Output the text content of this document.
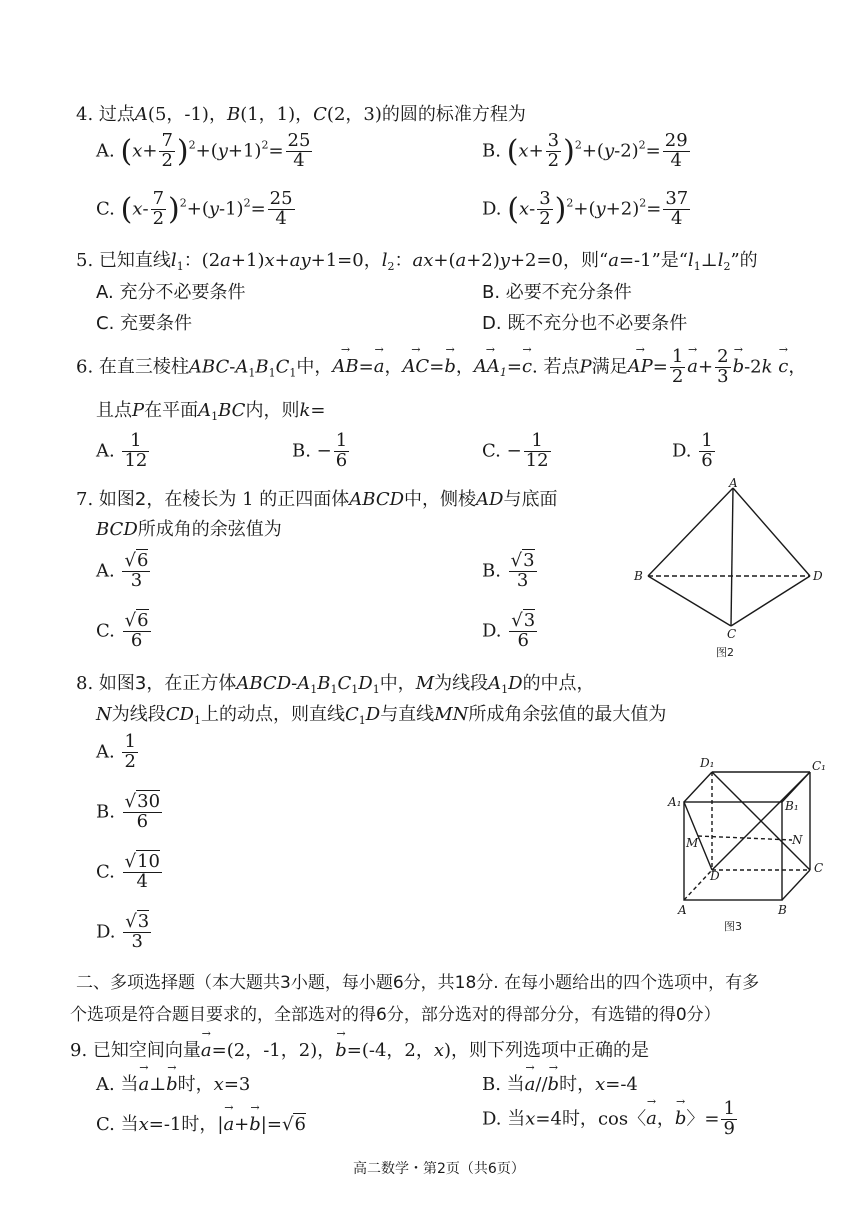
4. 过点A(5，-1)，B(1，1)，C(2，3)的圆的标准方程为
A. $(x+ \frac{7}{2} )^2+(y+1)^2= \frac{25}{4}$	B. $(x+ \frac{3}{2} )^2+(y-2)^2= \frac{29}{4}$
C. $(x- \frac{7}{2} )^2+(y-1)^2= \frac{25}{4}$	D. $(x- \frac{3}{2} )^2+(y+2)^2= \frac{37}{4}$
5. 已知直线$l_1$：(2a+1)x+ay+1=0，$l_2$：ax+(a+2)y+2=0，则“a=-1”是“$l_1\perp l_2$”的
A. 充分不必要条件	B. 必要不充分条件
C. 充要条件	D. 既不充分也不必要条件
6. 在直三棱柱ABC-$A_1B_1C_1$中，→ AB=→ a，→ AC=→ b，→ $AA_1=\to c$. 若点P满足→ $AP= \frac{1}{2}$
→ $a+ \frac{2}{3}$
→ b-2k → c，
且点P在平面$A_1BC$内，则k=
A. $\frac{1}{12}$	B. − $\frac{1}{6}$	C. − $\frac{1}{12}$	D. $\frac{1}{6}$
7. 如图2，在棱长为 1 的正四面体ABCD中，侧棱AD与底面
BCD所成角的余弦值为
A. $\frac{√6}{3}$	B. $\frac{√3}{3}$
C. $\frac{√6}{6}$	D. $\frac{√3}{6}$
A
B	D
C
图2
8. 如图3，在正方体ABCD-$A_1B_1C_1D_1$中，M为线段$A_1D$的中点，
N为线段$CD_1$上的动点，则直线$C_1D$与直线MN所成角余弦值的最大值为
A. $\frac{1}{2}$
B. $\frac{√30}{6}$
C. $\frac{√10}{4}$
D. $\frac{√3}{3}$
D₁	C₁
A₁	B₁
M	N
D
C
A	B
图3
二、多项选择题（本大题共3小题，每小题6分，共18分. 在每小题给出的四个选项中，有多
个选项是符合题目要求的，全部选对的得6分，部分选对的得部分分，有选错的得0分）
9. 已知空间向量→ a=(2，-1，2)，→ b=(-4，2，x)，则下列选项中正确的是
A. 当→ a⊥→ b时，x=3	B. 当→ a//→ b时，x=-4
C. 当x=-1时，|→ a+→ b|=√6	D. 当x=4时，cos〈→ a，→ b〉= $\frac{1}{9}$
高二数学・第2页（共6页）
